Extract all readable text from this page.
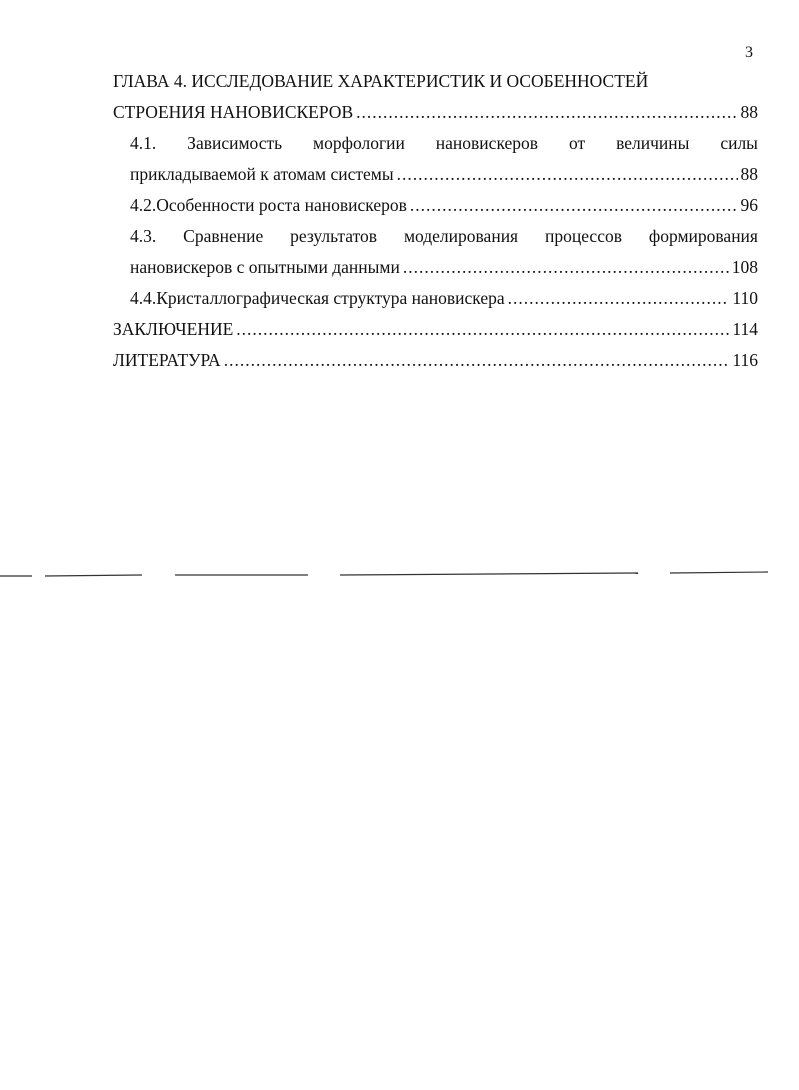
3
ГЛАВА 4. ИССЛЕДОВАНИЕ ХАРАКТЕРИСТИК И ОСОБЕННОСТЕЙ
СТРОЕНИЯ НАНОВИСКЕРОВ .....	88
4.1. Зависимость морфологии нановискеров от величины силы
прикладываемой к атомам системы .....	88
4.2. Особенности роста нановискеров .....	96
4.3. Сравнение результатов моделирования процессов формирования
нановискеров с опытными данными .....	108
4.4. Кристаллографическая структура нановискера .....	110
ЗАКЛЮЧЕНИЕ .....	114
ЛИТЕРАТУРА .....	116
